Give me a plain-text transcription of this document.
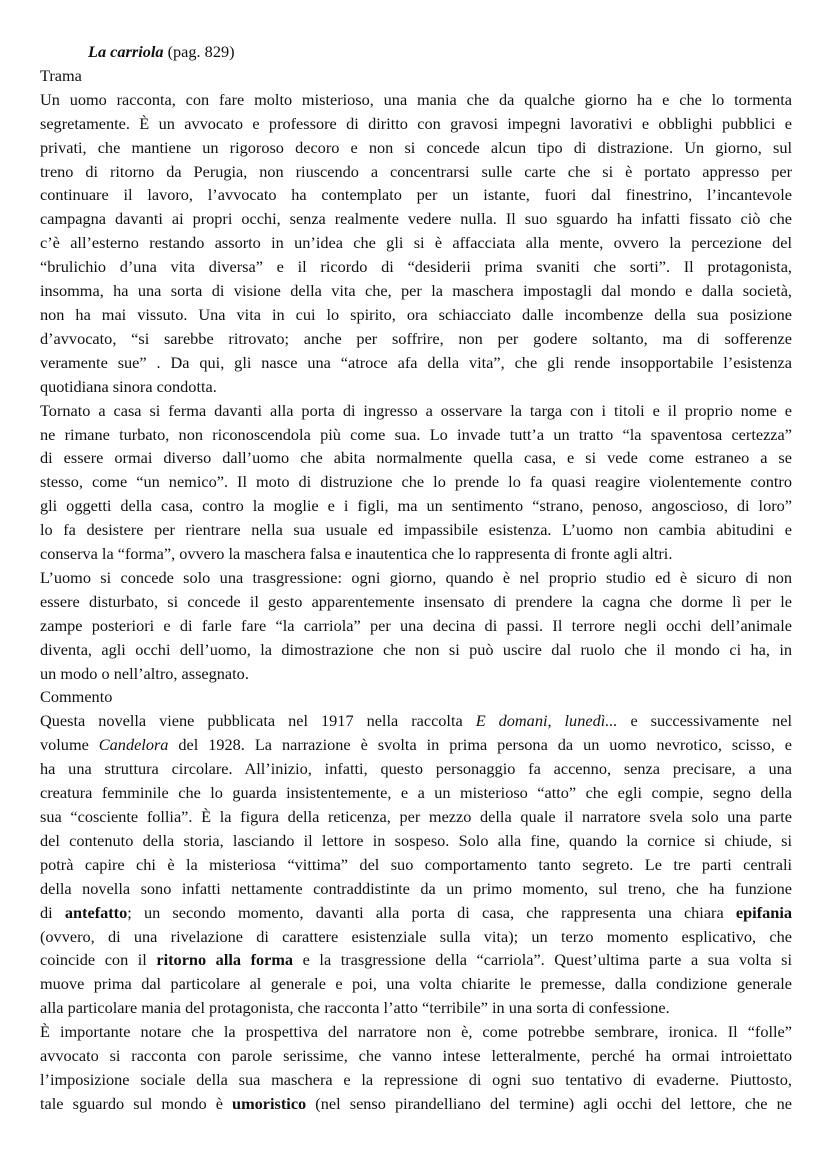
La carriola (pag. 829)
Trama
Un uomo racconta, con fare molto misterioso, una mania che da qualche giorno ha e che lo tormenta
segretamente. È un avvocato e professore di diritto con gravosi impegni lavorativi e obblighi pubblici e
privati, che mantiene un rigoroso decoro e non si concede alcun tipo di distrazione. Un giorno, sul
treno di ritorno da Perugia, non riuscendo a concentrarsi sulle carte che si è portato appresso per
continuare il lavoro, l’avvocato ha contemplato per un istante, fuori dal finestrino, l’incantevole
campagna davanti ai propri occhi, senza realmente vedere nulla. Il suo sguardo ha infatti fissato ciò che
c’è all’esterno restando assorto in un’idea che gli si è affacciata alla mente, ovvero la percezione del
“brulichio d’una vita diversa” e il ricordo di “desiderii prima svaniti che sorti”. Il protagonista,
insomma, ha una sorta di visione della vita che, per la maschera impostagli dal mondo e dalla società,
non ha mai vissuto. Una vita in cui lo spirito, ora schiacciato dalle incombenze della sua posizione
d’avvocato, “si sarebbe ritrovato; anche per soffrire, non per godere soltanto, ma di sofferenze
veramente sue” . Da qui, gli nasce una “atroce afa della vita”, che gli rende insopportabile l’esistenza
quotidiana sinora condotta.
Tornato a casa si ferma davanti alla porta di ingresso a osservare la targa con i titoli e il proprio nome e
ne rimane turbato, non riconoscendola più come sua. Lo invade tutt’a un tratto “la spaventosa certezza”
di essere ormai diverso dall’uomo che abita normalmente quella casa, e si vede come estraneo a se
stesso, come “un nemico”. Il moto di distruzione che lo prende lo fa quasi reagire violentemente contro
gli oggetti della casa, contro la moglie e i figli, ma un sentimento “strano, penoso, angoscioso, di loro”
lo fa desistere per rientrare nella sua usuale ed impassibile esistenza. L’uomo non cambia abitudini e
conserva la “forma”, ovvero la maschera falsa e inautentica che lo rappresenta di fronte agli altri.
L’uomo si concede solo una trasgressione: ogni giorno, quando è nel proprio studio ed è sicuro di non
essere disturbato, si concede il gesto apparentemente insensato di prendere la cagna che dorme lì per le
zampe posteriori e di farle fare “la carriola” per una decina di passi. Il terrore negli occhi dell’animale
diventa, agli occhi dell’uomo, la dimostrazione che non si può uscire dal ruolo che il mondo ci ha, in
un modo o nell’altro, assegnato.
Commento
Questa novella viene pubblicata nel 1917 nella raccolta E domani, lunedì... e successivamente nel
volume Candelora del 1928. La narrazione è svolta in prima persona da un uomo nevrotico, scisso, e
ha una struttura circolare. All’inizio, infatti, questo personaggio fa accenno, senza precisare, a una
creatura femminile che lo guarda insistentemente, e a un misterioso “atto” che egli compie, segno della
sua “cosciente follia”. È la figura della reticenza, per mezzo della quale il narratore svela solo una parte
del contenuto della storia, lasciando il lettore in sospeso. Solo alla fine, quando la cornice si chiude, si
potrà capire chi è la misteriosa “vittima” del suo comportamento tanto segreto. Le tre parti centrali
della novella sono infatti nettamente contraddistinte da un primo momento, sul treno, che ha funzione
di antefatto; un secondo momento, davanti alla porta di casa, che rappresenta una chiara epifania
(ovvero, di una rivelazione di carattere esistenziale sulla vita); un terzo momento esplicativo, che
coincide con il ritorno alla forma e la trasgressione della “carriola”. Quest’ultima parte a sua volta si
muove prima dal particolare al generale e poi, una volta chiarite le premesse, dalla condizione generale
alla particolare mania del protagonista, che racconta l’atto “terribile” in una sorta di confessione.
È importante notare che la prospettiva del narratore non è, come potrebbe sembrare, ironica. Il “folle”
avvocato si racconta con parole serissime, che vanno intese letteralmente, perché ha ormai introiettato
l’imposizione sociale della sua maschera e la repressione di ogni suo tentativo di evaderne. Piuttosto,
tale sguardo sul mondo è umoristico (nel senso pirandelliano del termine) agli occhi del lettore, che ne
